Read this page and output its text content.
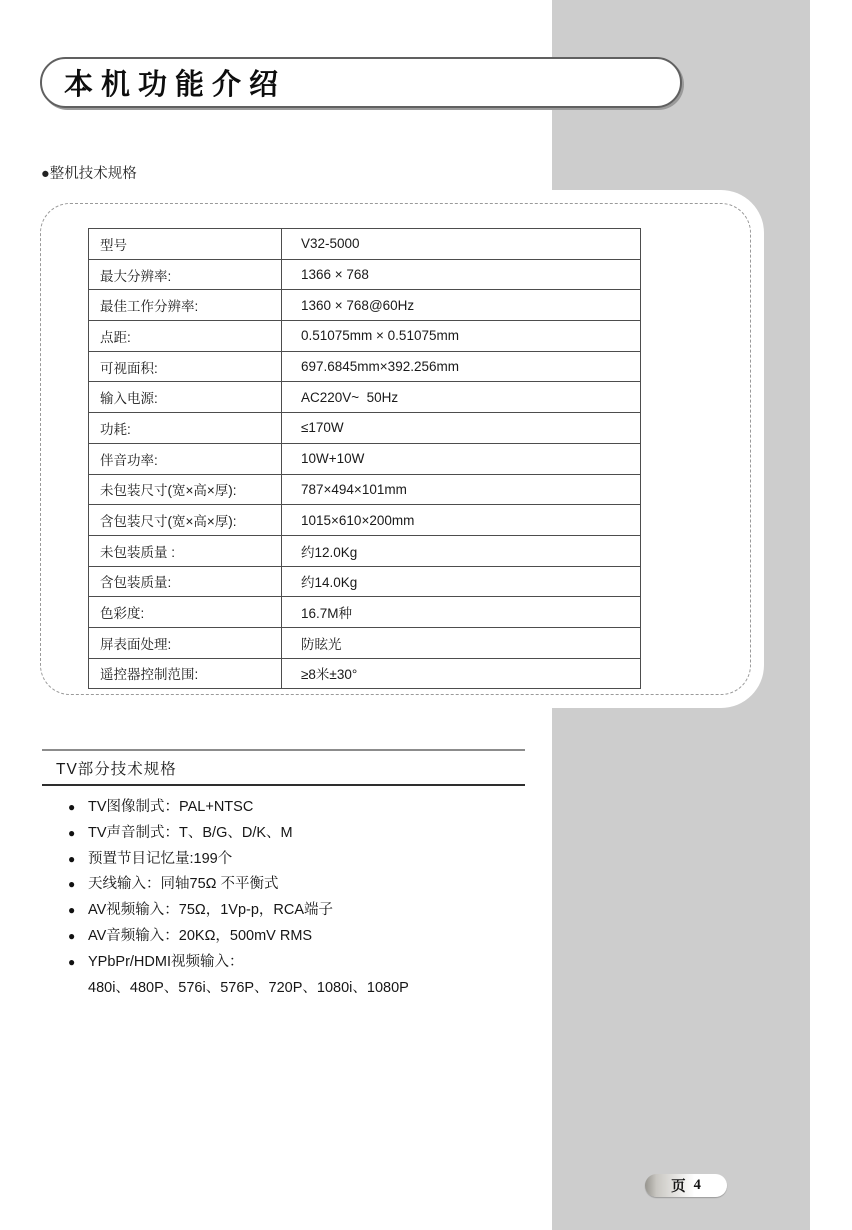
本机功能介绍
●整机技术规格
型号	V32-5000
最大分辨率:	1366 × 768
最佳工作分辨率:	1360 × 768@60Hz
点距:	0.51075mm × 0.51075mm
可视面积:	697.6845mm×392.256mm
输入电源:	AC220V~  50Hz
功耗:	≤170W
伴音功率:	10W+10W
未包装尺寸(宽×高×厚):	787×494×101mm
含包装尺寸(宽×高×厚):	1015×610×200mm
未包装质量 :	约12.0Kg
含包装质量:	约14.0Kg
色彩度:	16.7M种
屏表面处理:	防眩光
遥控器控制范围:	≥8米±30°
TV部分技术规格
● TV图像制式：PAL+NTSC
● TV声音制式：T、B/G、D/K、M
● 预置节目记忆量:199个
● 天线输入：同轴75Ω 不平衡式
● AV视频输入：75Ω，1Vp-p，RCA端子
● AV音频输入：20KΩ，500mV RMS
● YPbPr/HDMI视频输入：
480i、480P、576i、576P、720P、1080i、1080P
页 4
